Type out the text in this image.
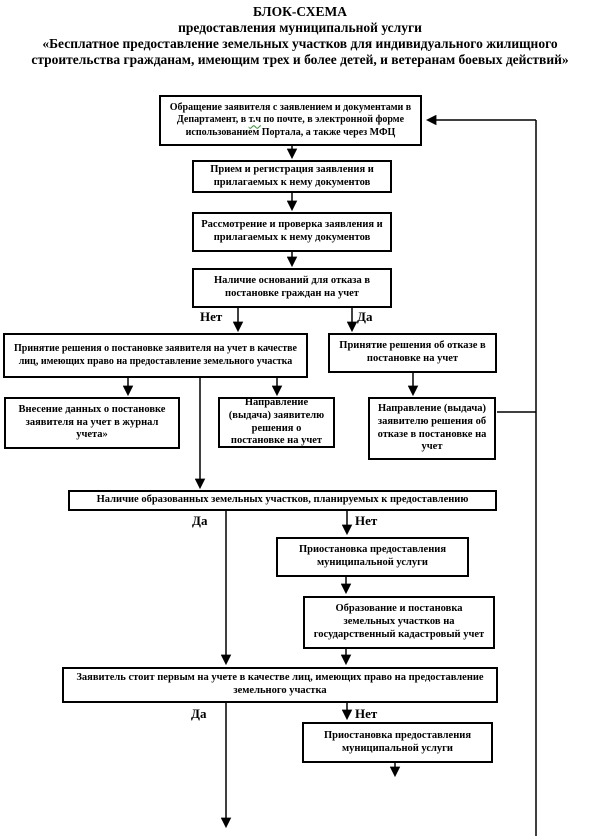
БЛОК-СХЕМА
предоставления муниципальной услуги
«Бесплатное предоставление земельных участков для индивидуального жилищного строительства гражданам, имеющим трех и более детей, и ветеранам боевых действий»
Обращение заявителя с заявлением и документами в Департамент, в т.ч по почте, в электронной форме использованием Портала, а также через МФЦ
Прием и регистрация заявления и прилагаемых к нему документов
Рассмотрение и проверка заявления и прилагаемых к нему документов
Наличие оснований для отказа в постановке граждан на учет
Принятие решения о постановке заявителя на учет в качестве лиц, имеющих право на предоставление земельного участка
Принятие решения об отказе в постановке на учет
Внесение данных о постановке заявителя на учет в журнал учета»
Направление (выдача) заявителю решения о постановке на учет
Направление (выдача) заявителю решения об отказе в постановке на учет
Наличие образованных земельных участков, планируемых к предоставлению
Приостановка предоставления муниципальной услуги
Образование и постановка земельных участков на государственный кадастровый учет
Заявитель стоит первым на учете в качестве лиц, имеющих право на предоставление земельного участка
Приостановка предоставления муниципальной услуги
Нет	Да
Да	Нет
Да	Нет
